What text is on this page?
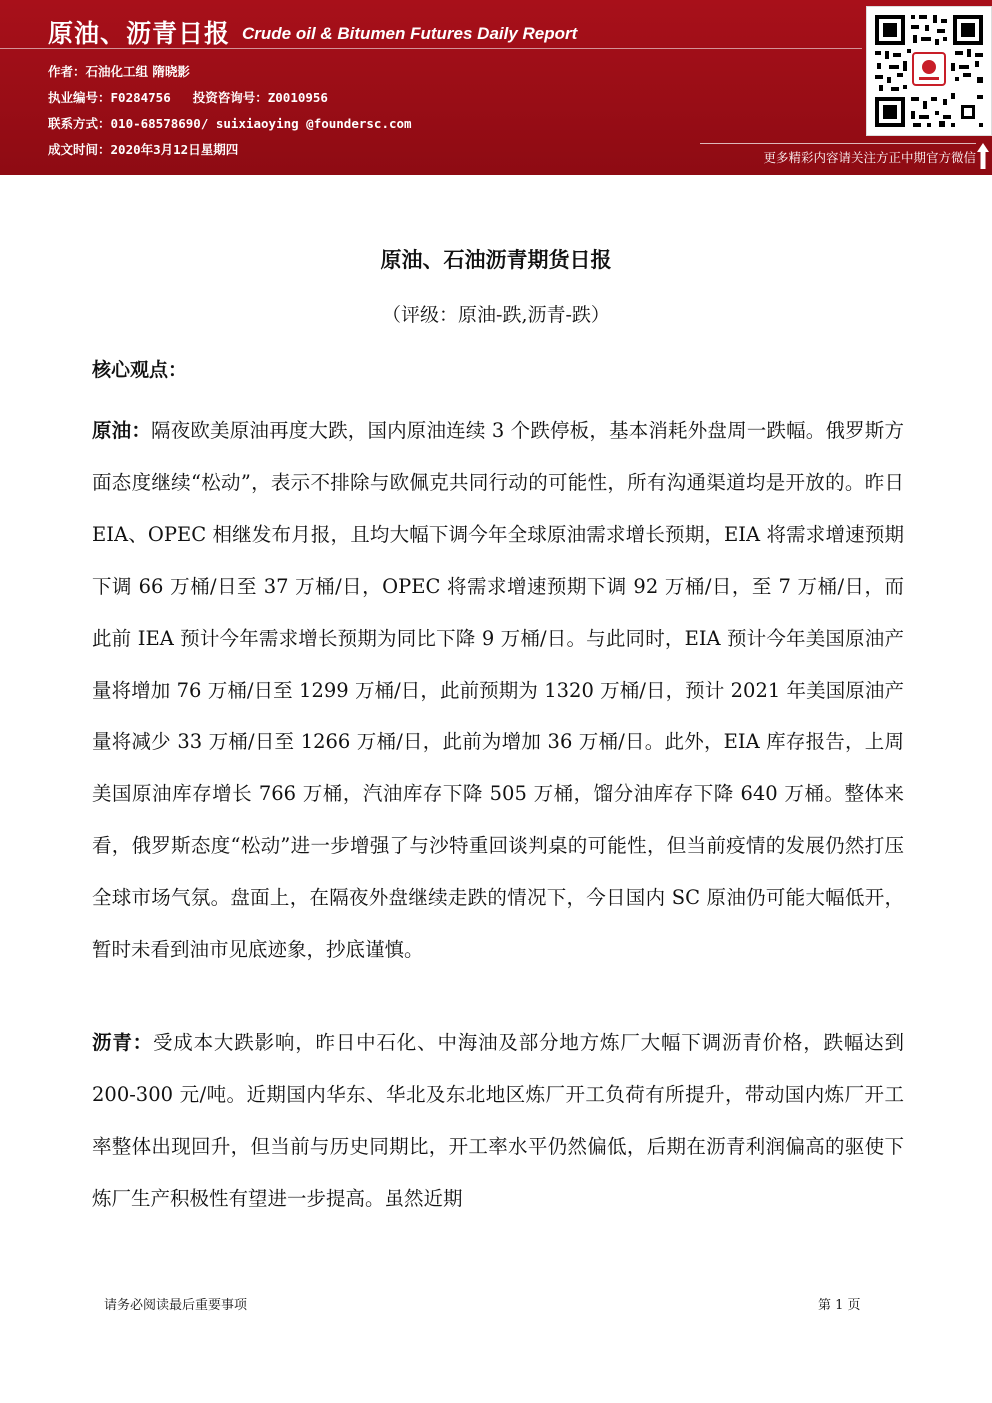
原油、沥青日报 Crude oil & Bitumen Futures Daily Report
作者：石油化工组 隋晓影
执业编号：F0284756 投资咨询号：Z0010956
联系方式：010-68578690/ suixiaoying @foundersc.com
成文时间：2020年3月12日星期四
更多精彩内容请关注方正中期官方微信
原油、石油沥青期货日报
（评级：原油-跌,沥青-跌）
核心观点：

原油：隔夜欧美原油再度大跌，国内原油连续 3 个跌停板，基本消耗外盘周一跌幅。俄罗斯方面态度继续“松动”，表示不排除与欧佩克共同行动的可能性，所有沟通渠道均是开放的。昨日 EIA、OPEC 相继发布月报，且均大幅下调今年全球原油需求增长预期，EIA 将需求增速预期下调 66 万桶/日至 37 万桶/日，OPEC 将需求增速预期下调 92 万桶/日，至 7 万桶/日，而此前 IEA 预计今年需求增长预期为同比下降 9 万桶/日。与此同时，EIA 预计今年美国原油产量将增加 76 万桶/日至 1299 万桶/日，此前预期为 1320 万桶/日，预计 2021 年美国原油产量将减少 33 万桶/日至 1266 万桶/日，此前为增加 36 万桶/日。此外，EIA 库存报告，上周美国原油库存增长 766 万桶，汽油库存下降 505 万桶，馏分油库存下降 640 万桶。整体来看，俄罗斯态度“松动”进一步增强了与沙特重回谈判桌的可能性，但当前疫情的发展仍然打压全球市场气氛。盘面上，在隔夜外盘继续走跌的情况下，今日国内 SC 原油仍可能大幅低开，暂时未看到油市见底迹象，抄底谨慎。

沥青：受成本大跌影响，昨日中石化、中海油及部分地方炼厂大幅下调沥青价格，跌幅达到 200-300 元/吨。近期国内华东、华北及东北地区炼厂开工负荷有所提升，带动国内炼厂开工率整体出现回升，但当前与历史同期比，开工率水平仍然偏低，后期在沥青利润偏高的驱使下炼厂生产积极性有望进一步提高。虽然近期

请务必阅读最后重要事项	第 1 页
